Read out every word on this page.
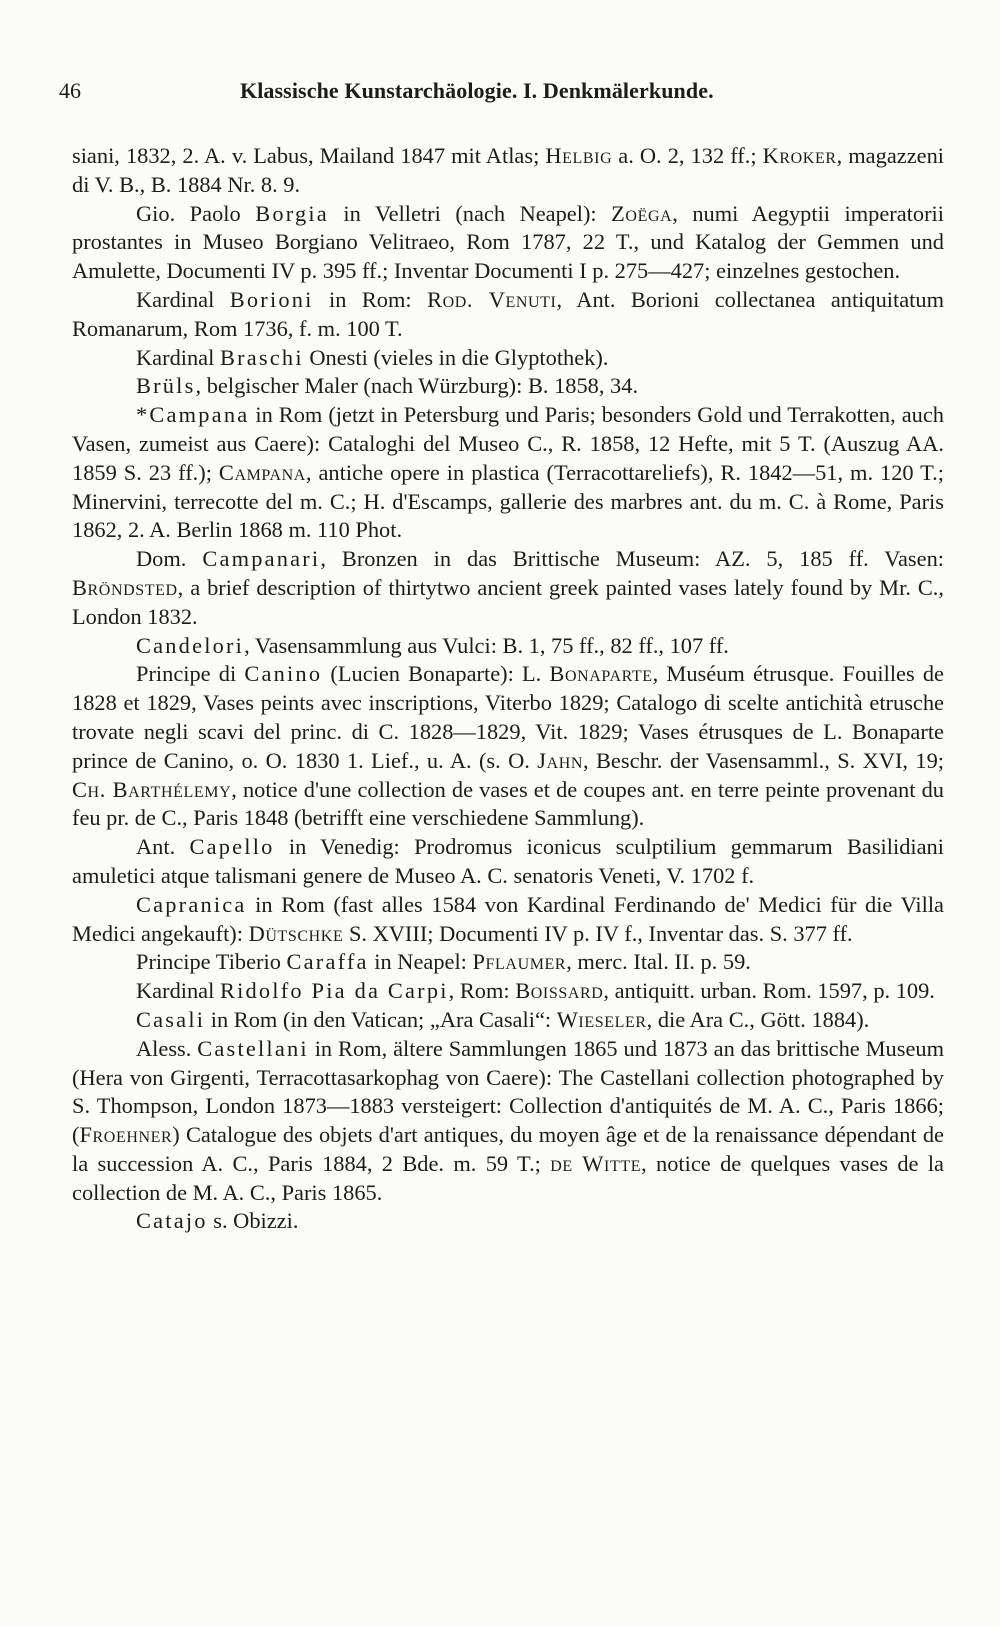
46	Klassische Kunstarchäologie. I. Denkmälerkunde.

siani, 1832, 2. A. v. Labus, Mailand 1847 mit Atlas; Helbig a. O. 2, 132 ff.; Kroker, magazzeni di V. B., B. 1884 Nr. 8. 9.

Gio. Paolo Borgia in Velletri (nach Neapel): Zoëga, numi Aegyptii imperatorii prostantes in Museo Borgiano Velitraeo, Rom 1787, 22 T., und Katalog der Gemmen und Amulette, Documenti IV p. 395 ff.; Inventar Documenti I p. 275—427; einzelnes gestochen.

Kardinal Borioni in Rom: Rod. Venuti, Ant. Borioni collectanea antiquitatum Romanarum, Rom 1736, f. m. 100 T.

Kardinal Braschi Onesti (vieles in die Glyptothek).

Brüls, belgischer Maler (nach Würzburg): B. 1858, 34.

*Campana in Rom (jetzt in Petersburg und Paris; besonders Gold und Terrakotten, auch Vasen, zumeist aus Caere): Cataloghi del Museo C., R. 1858, 12 Hefte, mit 5 T. (Auszug AA. 1859 S. 23 ff.); Campana, antiche opere in plastica (Terracottareliefs), R. 1842—51, m. 120 T.; Minervini, terrecotte del m. C.; H. d'Escamps, gallerie des marbres ant. du m. C. à Rome, Paris 1862, 2. A. Berlin 1868 m. 110 Phot.

Dom. Campanari, Bronzen in das Brittische Museum: AZ. 5, 185 ff. Vasen: Bröndsted, a brief description of thirtytwo ancient greek painted vases lately found by Mr. C., London 1832.

Candelori, Vasensammlung aus Vulci: B. 1, 75 ff., 82 ff., 107 ff.

Principe di Canino (Lucien Bonaparte): L. Bonaparte, Muséum étrusque. Fouilles de 1828 et 1829, Vases peints avec inscriptions, Viterbo 1829; Catalogo di scelte antichità etrusche trovate negli scavi del princ. di C. 1828—1829, Vit. 1829; Vases étrusques de L. Bonaparte prince de Canino, o. O. 1830 1. Lief., u. A. (s. O. Jahn, Beschr. der Vasensamml., S. XVI, 19; Ch. Barthélemy, notice d'une collection de vases et de coupes ant. en terre peinte provenant du feu pr. de C., Paris 1848 (betrifft eine verschiedene Sammlung).

Ant. Capello in Venedig: Prodromus iconicus sculptilium gemmarum Basilidiani amuletici atque talismani genere de Museo A. C. senatoris Veneti, V. 1702 f.

Capranica in Rom (fast alles 1584 von Kardinal Ferdinando de' Medici für die Villa Medici angekauft): Dütschke S. XVIII; Documenti IV p. IV f., Inventar das. S. 377 ff.

Principe Tiberio Caraffa in Neapel: Pflaumer, merc. Ital. II. p. 59.

Kardinal Ridolfo Pia da Carpi, Rom: Boissard, antiquitt. urban. Rom. 1597, p. 109.

Casali in Rom (in den Vatican; „Ara Casali“: Wieseler, die Ara C., Gött. 1884).

Aless. Castellani in Rom, ältere Sammlungen 1865 und 1873 an das brittische Museum (Hera von Girgenti, Terracottasarkophag von Caere): The Castellani collection photographed by S. Thompson, London 1873—1883 versteigert: Collection d'antiquités de M. A. C., Paris 1866; (Froehner) Catalogue des objets d'art antiques, du moyen âge et de la renaissance dépendant de la succession A. C., Paris 1884, 2 Bde. m. 59 T.; de Witte, notice de quelques vases de la collection de M. A. C., Paris 1865.

Catajo s. Obizzi.
